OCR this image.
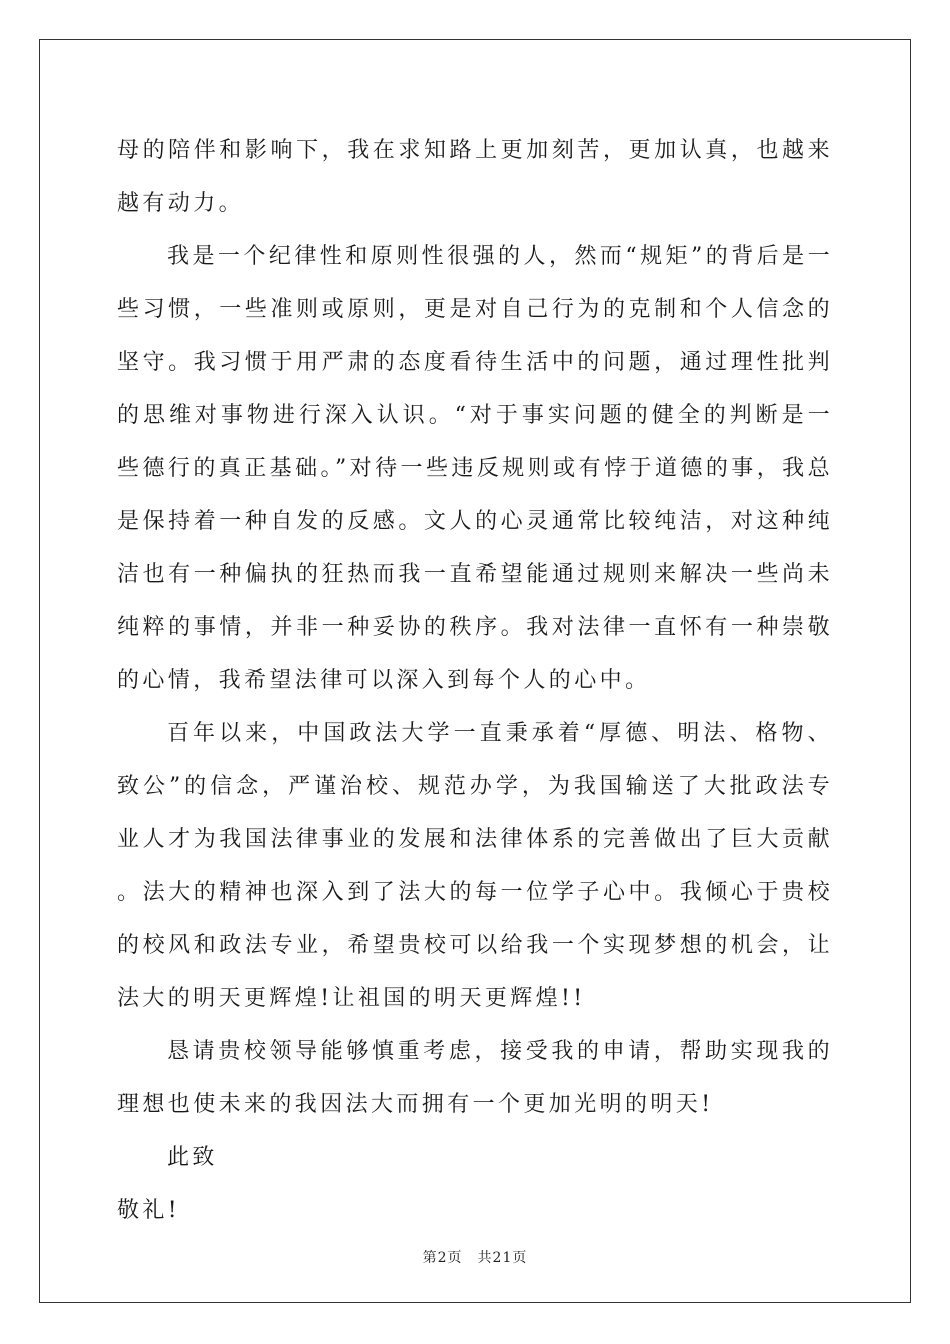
母的陪伴和影响下，我在求知路上更加刻苦，更加认真，也越来越有动力。

我是一个纪律性和原则性很强的人，然而“规矩”的背后是一些习惯，一些准则或原则，更是对自己行为的克制和个人信念的坚守。我习惯于用严肃的态度看待生活中的问题，通过理性批判的思维对事物进行深入认识。“对于事实问题的健全的判断是一些德行的真正基础。”对待一些违反规则或有悖于道德的事，我总是保持着一种自发的反感。文人的心灵通常比较纯洁，对这种纯洁也有一种偏执的狂热而我一直希望能通过规则来解决一些尚未纯粹的事情，并非一种妥协的秩序。我对法律一直怀有一种崇敬的心情，我希望法律可以深入到每个人的心中。

百年以来，中国政法大学一直秉承着“厚德、明法、格物、致公”的信念，严谨治校、规范办学，为我国输送了大批政法专业人才为我国法律事业的发展和法律体系的完善做出了巨大贡献。法大的精神也深入到了法大的每一位学子心中。我倾心于贵校的校风和政法专业，希望贵校可以给我一个实现梦想的机会，让法大的明天更辉煌!让祖国的明天更辉煌!!

恳请贵校领导能够慎重考虑，接受我的申请，帮助实现我的理想也使未来的我因法大而拥有一个更加光明的明天!

此致

敬礼!

第2页　共21页
